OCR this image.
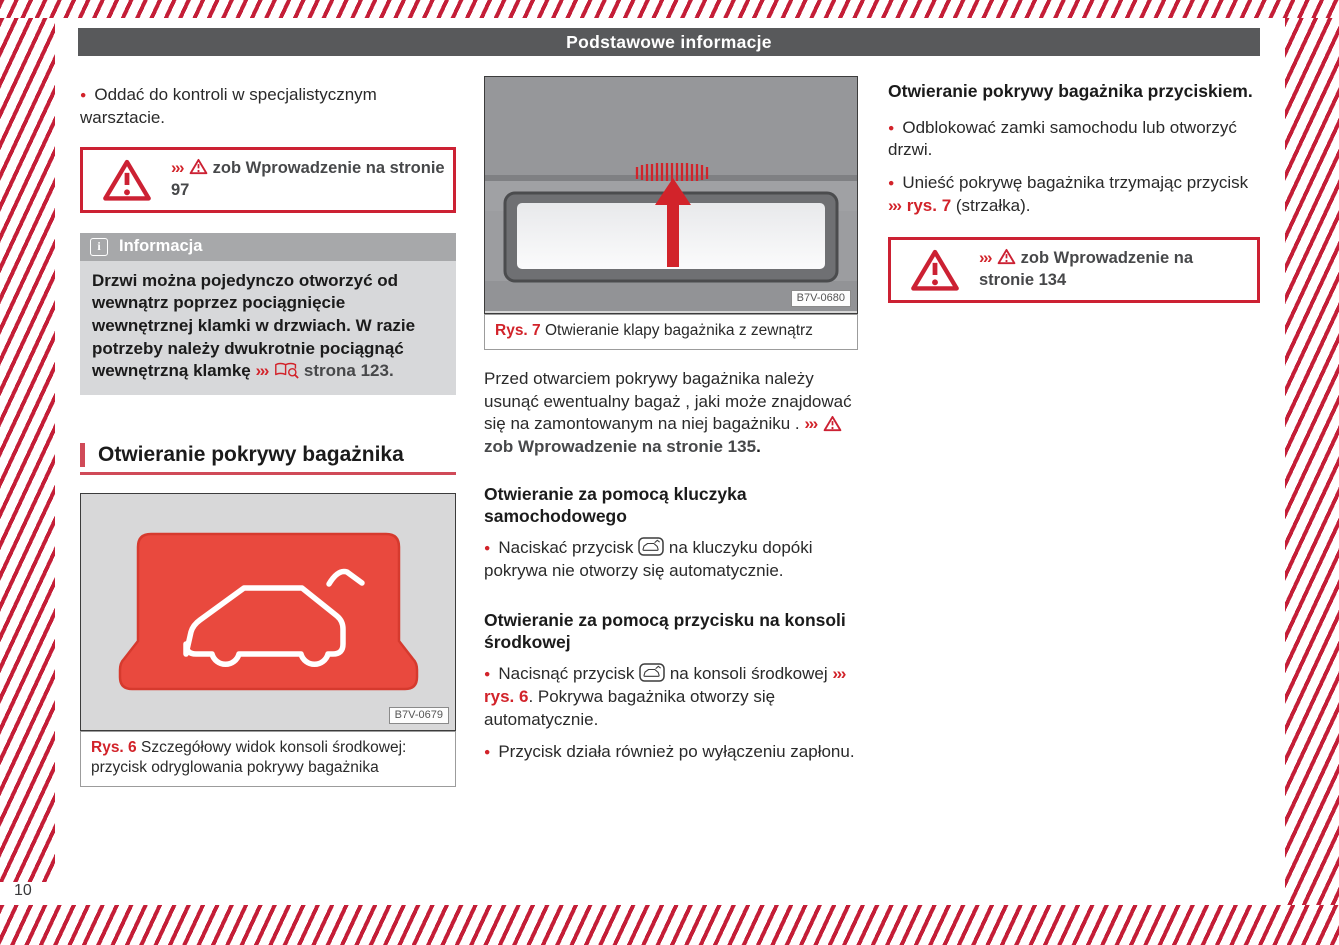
Podstawowe informacje

● Oddać do kontroli w specjalistycznym warsztacie.

›››  zob Wprowadzenie na stronie 97
i	Informacja
Drzwi można pojedynczo otworzyć od wewnątrz poprzez pociągnięcie wewnętrznej klamki w drzwiach. W razie potrzeby należy dwukrotnie pociągnąć wewnętrzną klamkę ›››  strona 123.
Otwieranie pokrywy bagażnika
B7V-0679
Rys. 6 Szczegółowy widok konsoli środkowej: przycisk odryglowania pokrywy bagażnika
B7V-0680
Rys. 7 Otwieranie klapy bagażnika z zewnątrz

Przed otwarciem pokrywy bagażnika należy usunąć ewentualny bagaż , jaki może znajdować się na zamontowanym na niej bagażniku . ›››  zob Wprowadzenie na stronie 135.

Otwieranie za pomocą kluczyka samochodowego

● Naciskać przycisk  na kluczyku dopóki pokrywa nie otworzy się automatycznie.

Otwieranie za pomocą przycisku na konsoli środkowej

● Nacisnąć przycisk  na konsoli środkowej ››› rys. 6. Pokrywa bagażnika otworzy się automatycznie.

● Przycisk działa również po wyłączeniu zapłonu.

Otwieranie pokrywy bagażnika przyciskiem.

● Odblokować zamki samochodu lub otworzyć drzwi.

● Unieść pokrywę bagażnika trzymając przycisk ››› rys. 7 (strzałka).

›››  zob Wprowadzenie na stronie 134
10
